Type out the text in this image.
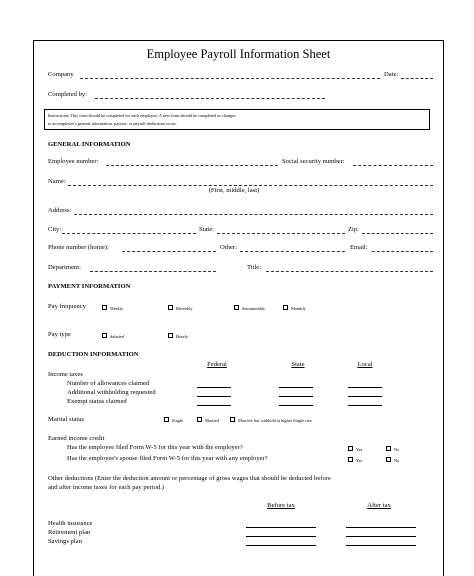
Employee Payroll Information Sheet
Company	Date:
Completed by:
Instructions: This form should be completed for each employee. A new form should be completed as changes
to an employee's general information, payrate, or payroll deductions occur.
GENERAL INFORMATION
Employee number:	Social security number:
Name:
(First, middle, last)
Address:
City:	State:	Zip:
Phone number (home):	Other:	Email:
Department:	Title:
PAYMENT INFORMATION
Pay frequency	Weekly	Biweekly	Semimonthly	Monthly
Pay type	Salaried	Hourly
DEDUCTION INFORMATION
Federal	State	Local
Income taxes
Number of allowances claimed
Additional withholding requested
Exempt status claimed
Marital status	Single	Married	Married, but withhold at higher Single rate
Earned income credit
Has the employee filed Form W-5 for this year with the employer?	Yes	No
Has the employee's spouse filed Form W-5 for this year with any employer?	Yes	No
Other deductions (Enter the deduction amount or percentage of gross wages that should be deducted before
and after income taxes for each pay period.)
Before tax	After tax
Health insurance
Retirement plan
Savings plan
